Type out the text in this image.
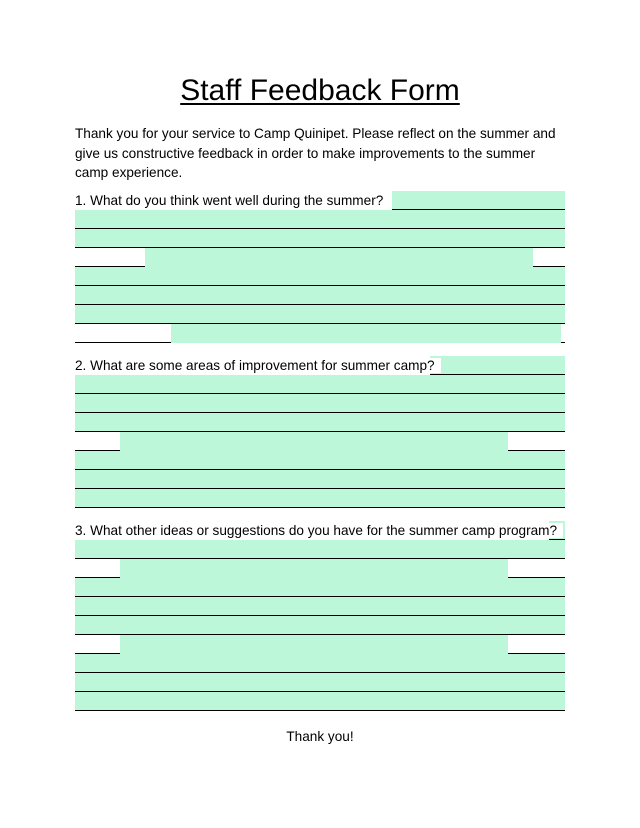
Staff Feedback Form

Thank you for your service to Camp Quinipet. Please reflect on the summer and give us constructive feedback in order to make improvements to the summer camp experience.

1. What do you think went well during the summer?
2. What are some areas of improvement for summer camp?
3. What other ideas or suggestions do you have for the summer camp program?
Thank you!
